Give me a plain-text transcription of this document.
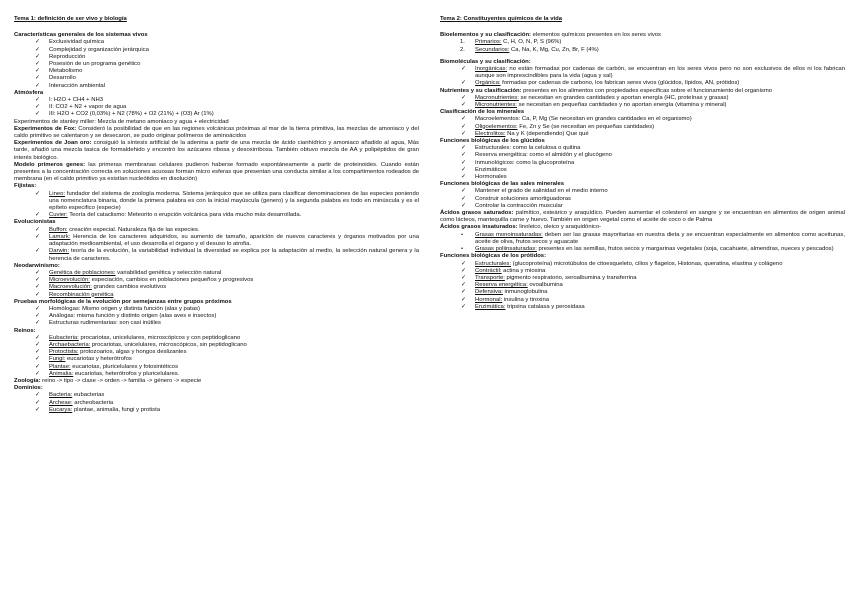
Tema 1: definición de ser vivo y biología
Características generales de los sistemas vivos
✓ Exclusividad química
✓ Complejidad y organización jerárquica
✓ Reproducción
✓ Posesión de un programa genético
✓ Metabolismo
✓ Desarrollo
✓ Interacción ambiental
Atmósfera
✓ I: H2O + CH4 + NH3
✓ II: CO2 + N2 + vapor de agua
✓ III: H2O + CO2 (0,03%) + N2 (78%) + O2 (21%) + (O3) Ar (1%)
Experimentos de stanley miller: Mezcla de metano amoniaco y agua + electricidad
Experimentos de Fox: Consideró la posibilidad de que en las regiones volcánicas próximas al mar de la tierra primitiva, las mezclas de amoniaco y del caldo primitivo se calentaron y se desecaron, se pudo originar polímeros de aminoácidos
Experimentos de Joan oro: consiguió la síntesis artificial de la adenina a partir de una mezcla de ácido cianhídrico y amoniaco añadido al agua, Más tarde, añadió una mezcla tasica de formaldehido y encontró los azúcares ribosa y desoxirribosa. También obtuvo mezcla de AA y polipéptidos de gran interés biológico.
Modelo primeros genes: las primeras membranas celulares pudieron haberse formado espontáneamente a partir de proteinoides. Cuando están presentes a la concentración correcta en soluciones acuosas forman micro esferas que presentan una conducta similar a los compartimentos rodeados de membrana (en el caldo primitivo ya existían nucleótidos en disolución)
Fijistas:
✓ Lineo: fundador del sistema de zoología moderna. Sistema jerárquico que se utiliza para clasificar denominaciones de las especies poniendo una nomenclatura binaria, donde la primera palabra es con la inicial mayúscula (genero) y la segunda palabra es todo en minúscula y es el epíteto especifico (especie)
✓ Cuvier: Teoría del cataclismo: Meteorito o erupción volcánica para vida mucho más desarrollada.
Evolucionistas
✓ Buffon: creación especial. Naturaleza fija de las especies.
✓ Lamark: Herencia de los caracteres adquiridos, su aumento de tamaño, aparición de nuevos caracteres y órganos motivados por una adaptación medioambiental, el uso desarrolla el órgano y el desuso lo atrofia.
✓ Darwin: teoría de la evolución, la variabilidad individual la diversidad se explica por la adaptación al medio, la selección natural genera y la herencia de caracteres.
Neodarwinismo:
✓ Genética de poblaciones: variabilidad genética y selección natural
✓ Microevolución: especiación, cambios en poblaciones pequeños y progresivos
✓ Macroevolución: grandes cambios evolutivos
✓ Recombinación genética
Pruebas morfológicas de la evolución por semejanzas entre grupos próximos
✓ Homólogas: Mismo origen y distinta función (alas y patas)
✓ Análogas: misma función y distinto origen (alas aves e insectos)
✓ Estructuras rudimentarias: son casi inútiles
Reinos:
✓ Eubacteria: procariotas, unicelulares, microscópicos y con peptidoglicano
✓ Archaebacteria: procariotas, unicelulares, microscópicos, sin peptidoglicano
✓ Protoctista: protozoarios, algas y hongos deslizantes
✓ Fungi: eucariotas y heterótrofos
✓ Plantae: eucariotas, pluricelulares y fotosintéticos
✓ Animalia: eucariotas, heterótrofos y pluricelulares.
Zoología: reino -> tipo -> clase -> orden -> familia -> género -> especie
Dominios:
✓ Bacteria: eubacterias
✓ Archeae: archeobacteria
✓ Eucarya: plantae, animalia, fungi y protista
Tema 2: Constituyentes químicos de la vida
Bioelementos y su clasificación: elementos químicos presentes en los seres vivos
1. Primarios: C, H, O, N, P, S (96%)
2. Secundarios: Ca, Na, K, Mg, Cu, Zn, Br, F (4%)
Biomoléculas y su clasificación:
✓ Inorgánicas: no están formadas por cadenas de carbón, se encuentran en los seres vivos pero no son exclusivos de ellos ni los fabrican aunque son imprescindibles para la vida (agua y sal)
✓ Orgánica: formadas por cadenas de carbono, los fabrican seres vivos (glúcidos, lípidos, AN, prótidos)
Nutrientes y su clasificación: presentes en los alimentos con propiedades especificas sobre el funcionamiento del organismo
✓ Macronutrientes: se necesitan en grandes cantidades y aportan energía (HC, proteínas y grasas)
✓ Micronutrientes: se necesitan en pequeñas cantidades y no aportan energía (vitamina y mineral)
Clasificación de los minerales
✓ Macroelementos: Ca, P, Mg (Se necesitan en grandes cantidades en el organismo)
✓ Oligoelementos: Fe, Zn y Se (se necesitan en pequeñas cantidades)
✓ Electrolitos: Na y K (dependiendo) Que qué
Funciones biológicas de los glúcidos
✓ Estructurales: como la celulosa o quitina
✓ Reserva energética: como el almidón y el glucógeno
✓ Inmunológicos: como la glucoproteína
✓ Enzimáticos
✓ Hormonales
Funciones biológicas de las sales minerales
✓ Mantener el grado de salinidad en el medio interno
✓ Construir soluciones amortiguadoras
✓ Controlar la contracción muscular
Ácidos grasos saturados: palmítico, esteárico y araquídico. Pueden aumentar el colesterol en sangre y se encuentran en alimentos de origen animal como lácteos, mantequilla carne y huevo. También en origen vegetal como el aceite de coco o de Palma
Ácidos grasos insaturados: linoleico, oleico y araquidónico-
• Grasas monoinsaturadas: deben ser las grasas mayoritarias en nuestra dieta y se encuentran especialmente en alimentos como aceitunas, aceite de oliva, frutos secos y aguacate
• Grasas poliinsaturadas: presentes en las semillas, frutos secos y margarinas vegetales (soja, cacahuete, almendras, nueces y pescados)
Funciones biológicas de los prótidos:
✓ Estructurales: (glucoproteína) microtúbulos de citoesqueleto, cilios y flagelos, Histonas, queratina, elastina y colágeno
✓ Contráctil: actina y miosina
✓ Transporte: pigmento respiratorio, seroalbumina y transferrina
✓ Reserva energética: ovoalbumina
✓ Defensiva: inmunoglobulina
✓ Hormonal: insulina y tiroxina
✓ Enzimática: tripsina catalasa y peroxidasa
